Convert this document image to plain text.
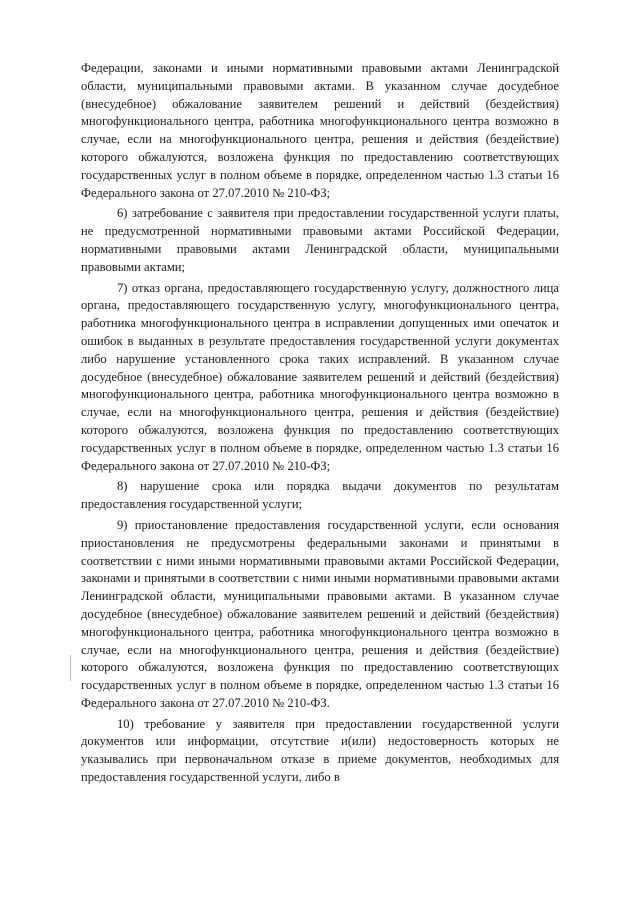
Федерации, законами и иными нормативными правовыми актами Ленинградской области, муниципальными правовыми актами. В указанном случае досудебное (внесудебное) обжалование заявителем решений и действий (бездействия) многофункционального центра, работника многофункционального центра возможно в случае, если на многофункционального центра, решения и действия (бездействие) которого обжалуются, возложена функция по предоставлению соответствующих государственных услуг в полном объеме в порядке, определенном частью 1.3 статьи 16 Федерального закона от 27.07.2010 № 210-ФЗ;

6) затребование с заявителя при предоставлении государственной услуги платы, не предусмотренной нормативными правовыми актами Российской Федерации, нормативными правовыми актами Ленинградской области, муниципальными правовыми актами;

7) отказ органа, предоставляющего государственную услугу, должностного лица органа, предоставляющего государственную услугу, многофункционального центра, работника многофункционального центра в исправлении допущенных ими опечаток и ошибок в выданных в результате предоставления государственной услуги документах либо нарушение установленного срока таких исправлений. В указанном случае досудебное (внесудебное) обжалование заявителем решений и действий (бездействия) многофункционального центра, работника многофункционального центра возможно в случае, если на многофункционального центра, решения и действия (бездействие) которого обжалуются, возложена функция по предоставлению соответствующих государственных услуг в полном объеме в порядке, определенном частью 1.3 статьи 16 Федерального закона от 27.07.2010 № 210-ФЗ;

8) нарушение срока или порядка выдачи документов по результатам предоставления государственной услуги;

9) приостановление предоставления государственной услуги, если основания приостановления не предусмотрены федеральными законами и принятыми в соответствии с ними иными нормативными правовыми актами Российской Федерации, законами и принятыми в соответствии с ними иными нормативными правовыми актами Ленинградской области, муниципальными правовыми актами. В указанном случае досудебное (внесудебное) обжалование заявителем решений и действий (бездействия) многофункционального центра, работника многофункционального центра возможно в случае, если на многофункционального центра, решения и действия (бездействие) которого обжалуются, возложена функция по предоставлению соответствующих государственных услуг в полном объеме в порядке, определенном частью 1.3 статьи 16 Федерального закона от 27.07.2010 № 210-ФЗ.

10) требование у заявителя при предоставлении государственной услуги документов или информации, отсутствие и(или) недостоверность которых не указывались при первоначальном отказе в приеме документов, необходимых для предоставления государственной услуги, либо в
